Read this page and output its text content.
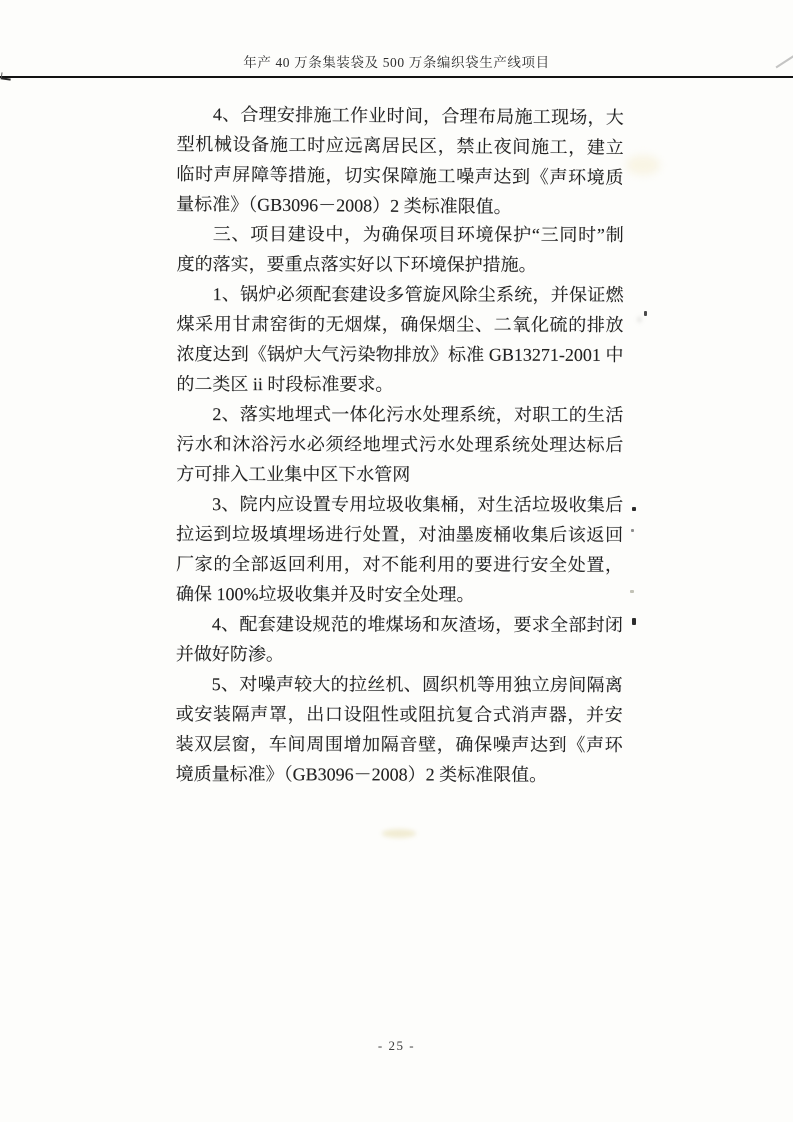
年产 40 万条集装袋及 500 万条编织袋生产线项目

4、合理安排施工作业时间，合理布局施工现场，大型机械设备施工时应远离居民区，禁止夜间施工，建立临时声屏障等措施，切实保障施工噪声达到《声环境质量标准》（GB3096－2008）2 类标准限值。

三、项目建设中，为确保项目环境保护“三同时”制度的落实，要重点落实好以下环境保护措施。

1、锅炉必须配套建设多管旋风除尘系统，并保证燃煤采用甘肃窑街的无烟煤，确保烟尘、二氧化硫的排放浓度达到《锅炉大气污染物排放》标准 GB13271-2001 中的二类区 ii 时段标准要求。

2、落实地埋式一体化污水处理系统，对职工的生活污水和沐浴污水必须经地埋式污水处理系统处理达标后方可排入工业集中区下水管网

3、院内应设置专用垃圾收集桶，对生活垃圾收集后拉运到垃圾填埋场进行处置，对油墨废桶收集后该返回厂家的全部返回利用，对不能利用的要进行安全处置，确保 100%垃圾收集并及时安全处理。

4、配套建设规范的堆煤场和灰渣场，要求全部封闭并做好防渗。

5、对噪声较大的拉丝机、圆织机等用独立房间隔离或安装隔声罩，出口设阻性或阻抗复合式消声器，并安装双层窗，车间周围增加隔音壁，确保噪声达到《声环境质量标准》（GB3096－2008）2 类标准限值。

- 25 -
